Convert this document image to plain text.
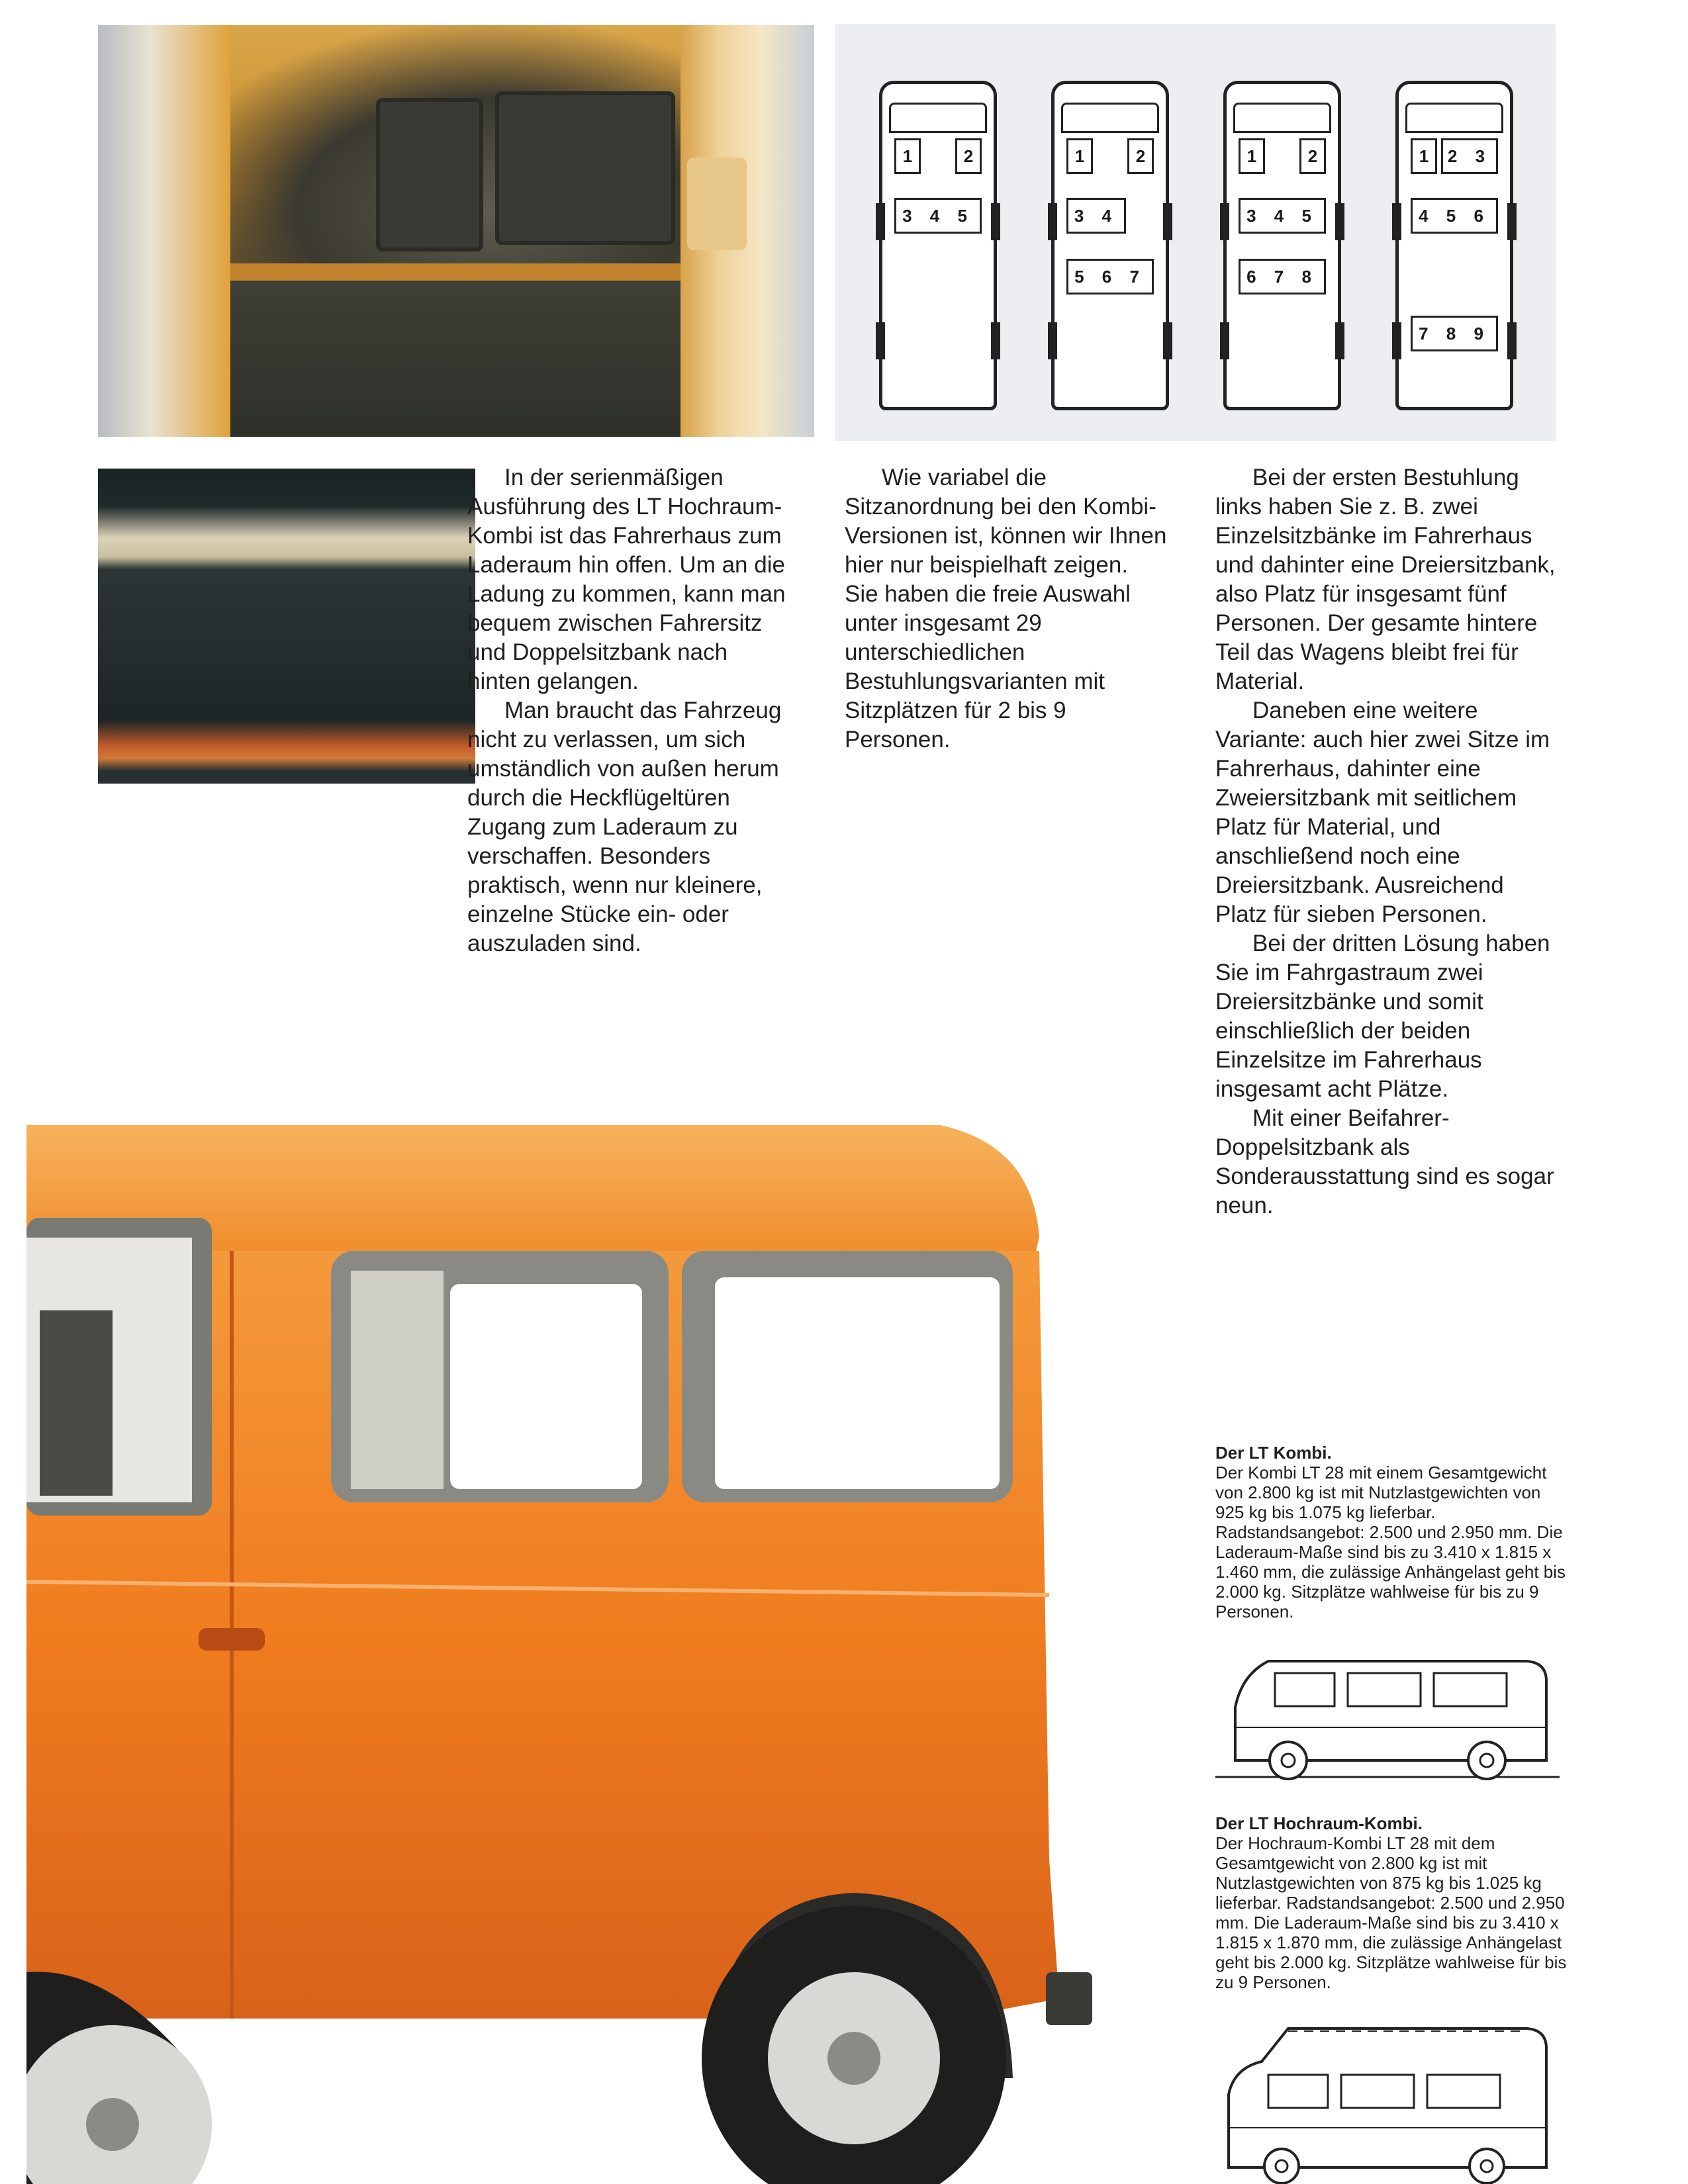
1	2
3 4 5
1	2
3 4
5 6 7
1	2
3 4 5
6 7 8
1	2 3
4 5 6
7 8 9

In der serienmäßigen Ausführung des LT Hochraum-Kombi ist das Fahrerhaus zum Laderaum hin offen. Um an die Ladung zu kommen, kann man bequem zwischen Fahrersitz und Doppelsitzbank nach hinten gelangen.

Man braucht das Fahrzeug nicht zu verlassen, um sich umständlich von außen herum durch die Heckflügeltüren Zugang zum Laderaum zu verschaffen. Besonders praktisch, wenn nur kleinere, einzelne Stücke ein- oder auszuladen sind.

Wie variabel die Sitzanordnung bei den Kombi-Versionen ist, können wir Ihnen hier nur beispielhaft zeigen. Sie haben die freie Auswahl unter insgesamt 29 unterschiedlichen Bestuhlungsvarianten mit Sitzplätzen für 2 bis 9 Personen.

Bei der ersten Bestuhlung links haben Sie z. B. zwei Einzelsitzbänke im Fahrerhaus und dahinter eine Dreiersitzbank, also Platz für insgesamt fünf Personen. Der gesamte hintere Teil das Wagens bleibt frei für Material.

Daneben eine weitere Variante: auch hier zwei Sitze im Fahrerhaus, dahinter eine Zweiersitzbank mit seitlichem Platz für Material, und anschließend noch eine Dreiersitzbank. Ausreichend Platz für sieben Personen.

Bei der dritten Lösung haben Sie im Fahrgastraum zwei Dreiersitzbänke und somit einschließlich der beiden Einzelsitze im Fahrerhaus insgesamt acht Plätze.

Mit einer Beifahrer-Doppelsitzbank als Sonderausstattung sind es sogar neun.

Der LT Kombi.
Der Kombi LT 28 mit einem Gesamtgewicht von 2.800 kg ist mit Nutzlastgewichten von 925 kg bis 1.075 kg lieferbar. Radstandsangebot: 2.500 und 2.950 mm. Die Laderaum-Maße sind bis zu 3.410 x 1.815 x 1.460 mm, die zulässige Anhängelast geht bis 2.000 kg. Sitzplätze wahlweise für bis zu 9 Personen.
Der LT Hochraum-Kombi.
Der Hochraum-Kombi LT 28 mit dem Gesamtgewicht von 2.800 kg ist mit Nutzlastgewichten von 875 kg bis 1.025 kg lieferbar. Radstandsangebot: 2.500 und 2.950 mm. Die Laderaum-Maße sind bis zu 3.410 x 1.815 x 1.870 mm, die zulässige Anhängelast geht bis 2.000 kg. Sitzplätze wahlweise für bis zu 9 Personen.
